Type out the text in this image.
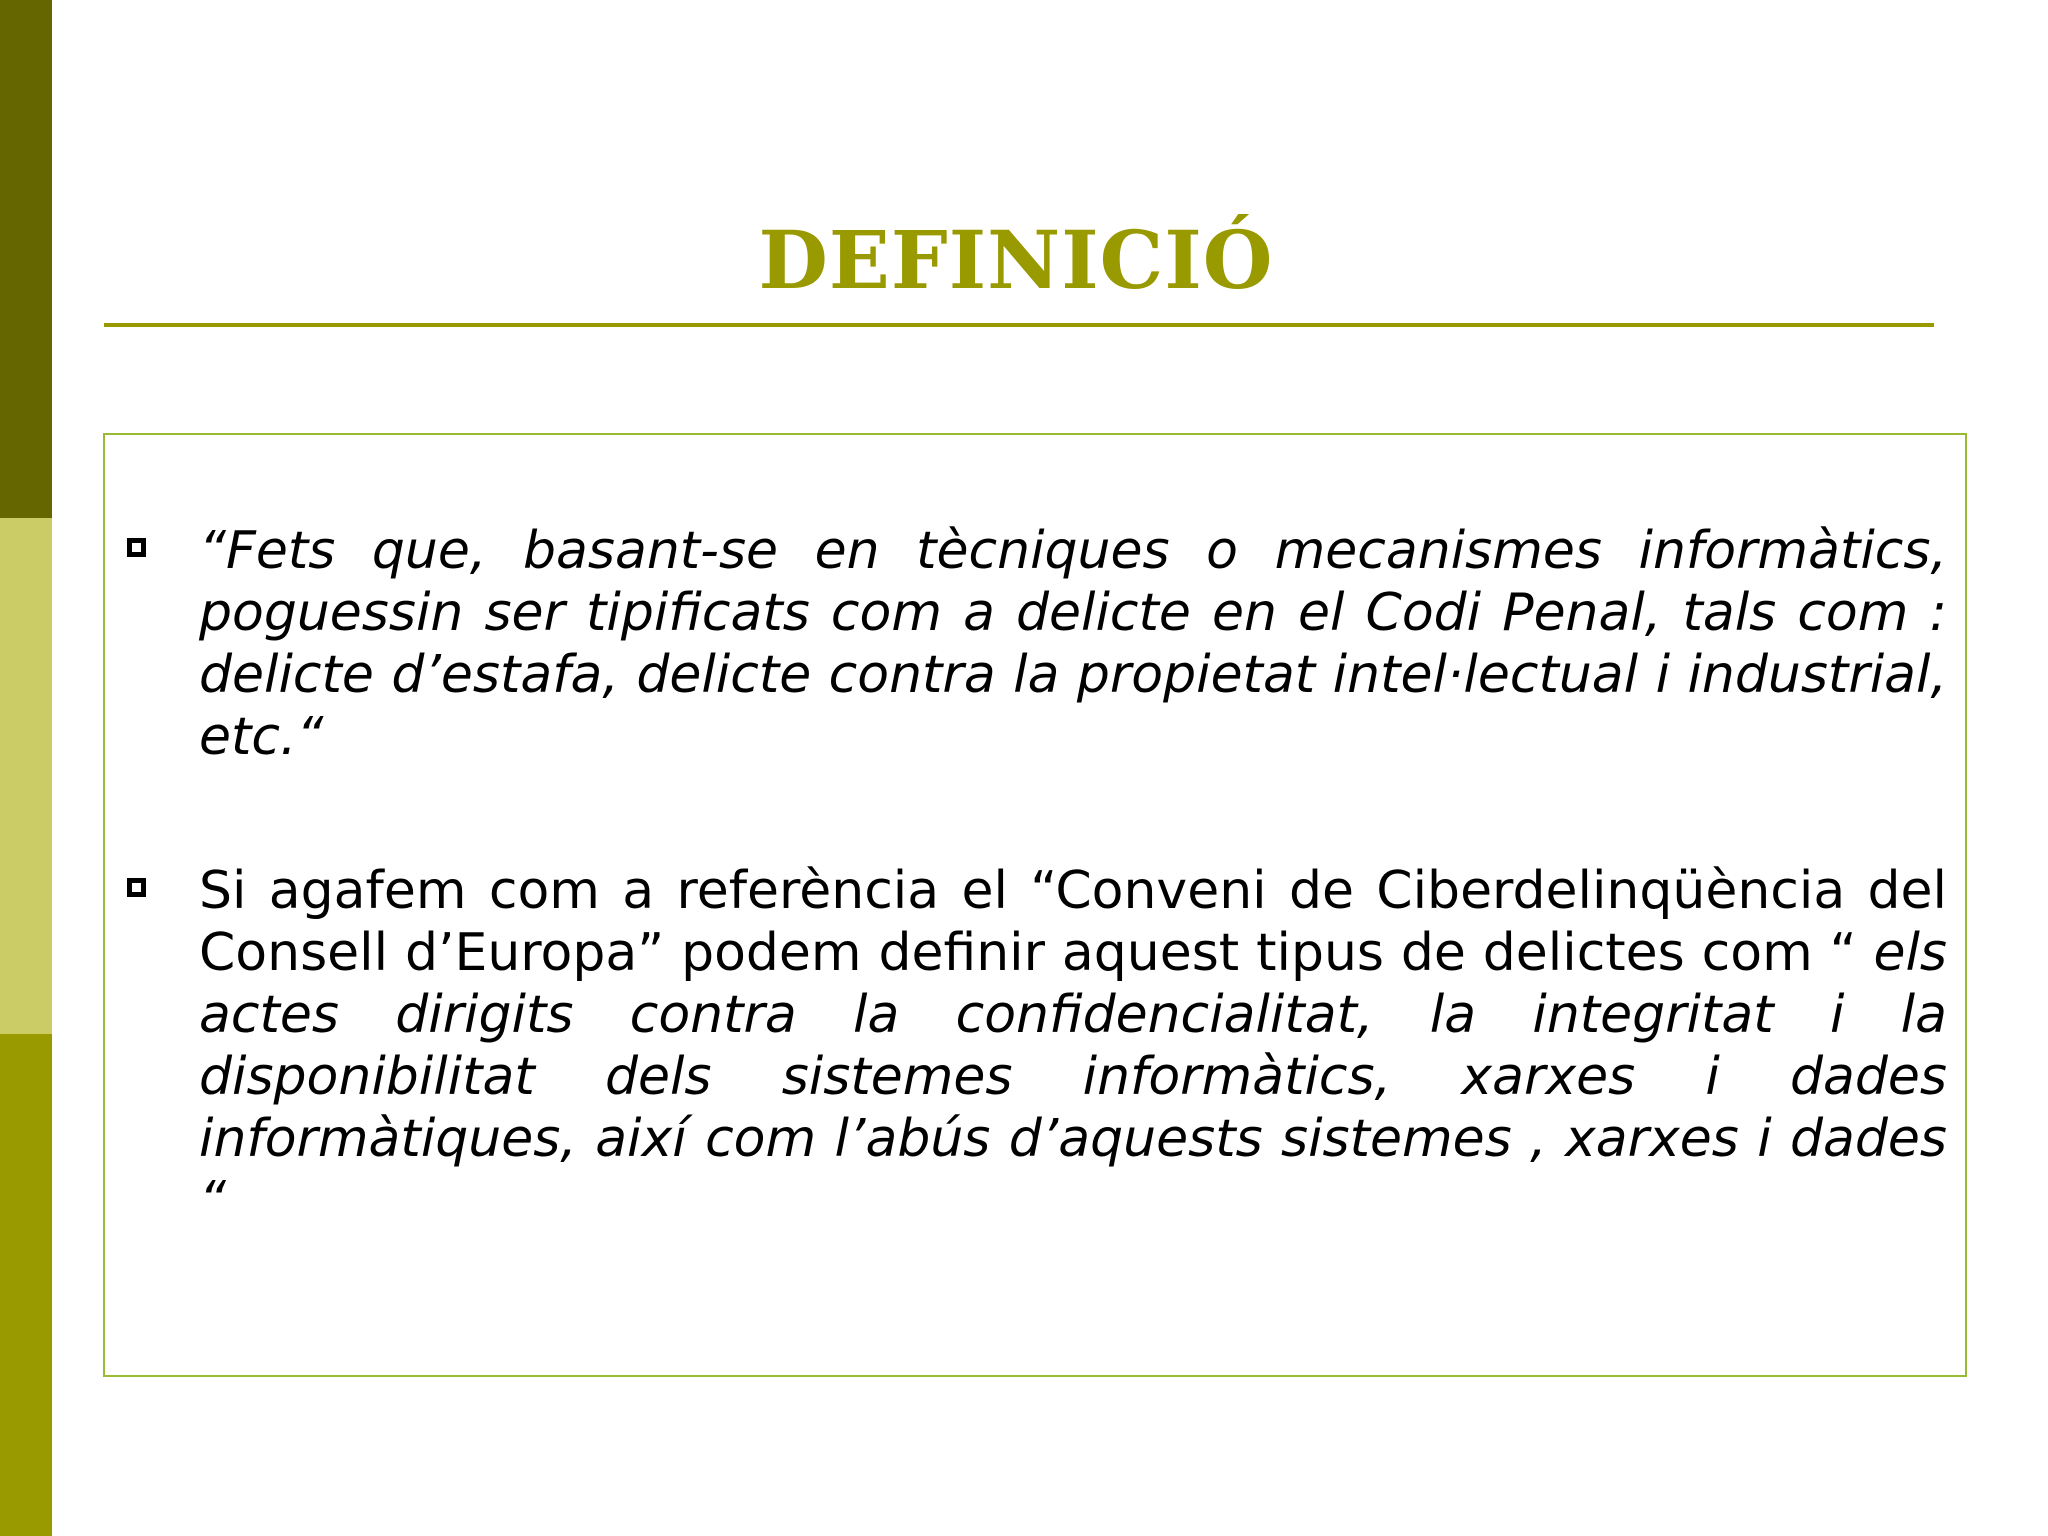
DEFINICIÓ
“Fets que, basant-se en tècniques o mecanismes informàtics, poguessin ser tipificats com a delicte en el Codi Penal, tals com : delicte d’estafa, delicte contra la propietat intel·lectual i industrial, etc.“
Si agafem com a referència el “Conveni de Ciberdelinqüència del Consell d’Europa” podem definir aquest tipus de delictes com “ els actes dirigits contra la confidencialitat, la integritat i la disponibilitat dels sistemes informàtics, xarxes i dades informàtiques, així com l’abús d’aquests sistemes , xarxes i dades “
